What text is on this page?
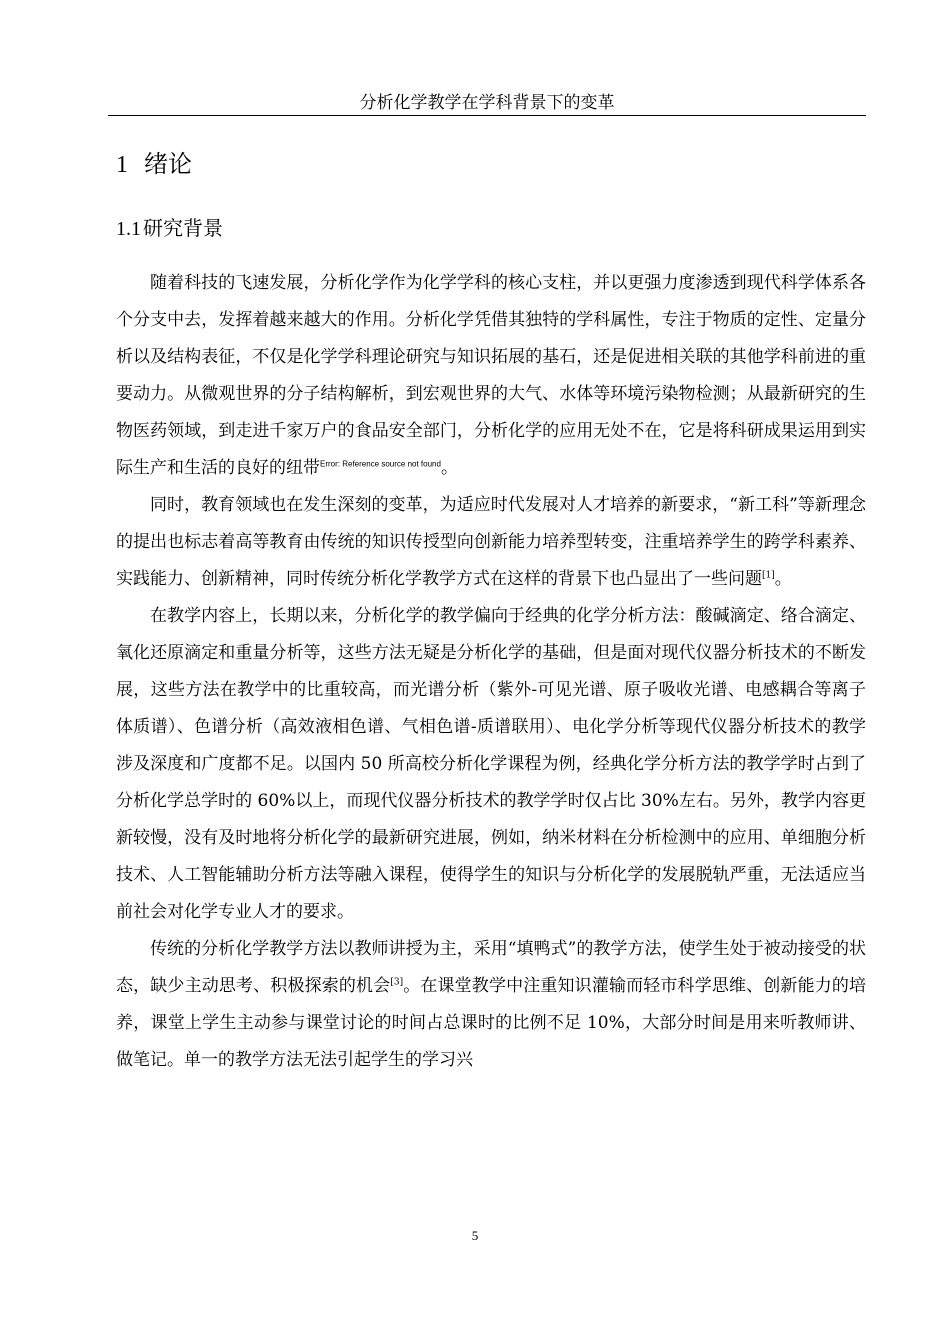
分析化学教学在学科背景下的变革
1 绪论
1.1 研究背景

随着科技的飞速发展，分析化学作为化学学科的核心支柱，并以更强力度渗透到现代科学体系各个分支中去，发挥着越来越大的作用。分析化学凭借其独特的学科属性，专注于物质的定性、定量分析以及结构表征，不仅是化学学科理论研究与知识拓展的基石，还是促进相关联的其他学科前进的重要动力。从微观世界的分子结构解析，到宏观世界的大气、水体等环境污染物检测；从最新研究的生物医药领域，到走进千家万户的食品安全部门，分析化学的应用无处不在，它是将科研成果运用到实际生产和生活的良好的纽带$^{Error: Reference source not found}$。

同时，教育领域也在发生深刻的变革，为适应时代发展对人才培养的新要求，“新工科”等新理念的提出也标志着高等教育由传统的知识传授型向创新能力培养型转变，注重培养学生的跨学科素养、实践能力、创新精神，同时传统分析化学教学方式在这样的背景下也凸显出了一些问题[1]。

在教学内容上，长期以来，分析化学的教学偏向于经典的化学分析方法：酸碱滴定、络合滴定、氧化还原滴定和重量分析等，这些方法无疑是分析化学的基础，但是面对现代仪器分析技术的不断发展，这些方法在教学中的比重较高，而光谱分析（紫外-可见光谱、原子吸收光谱、电感耦合等离子体质谱）、色谱分析（高效液相色谱、气相色谱-质谱联用）、电化学分析等现代仪器分析技术的教学涉及深度和广度都不足。以国内 50 所高校分析化学课程为例，经典化学分析方法的教学学时占到了分析化学总学时的 60%以上，而现代仪器分析技术的教学学时仅占比 30%左右。另外，教学内容更新较慢，没有及时地将分析化学的最新研究进展，例如，纳米材料在分析检测中的应用、单细胞分析技术、人工智能辅助分析方法等融入课程，使得学生的知识与分析化学的发展脱轨严重，无法适应当前社会对化学专业人才的要求。

传统的分析化学教学方法以教师讲授为主，采用“填鸭式”的教学方法，使学生处于被动接受的状态，缺少主动思考、积极探索的机会[3]。在课堂教学中注重知识灌输而轻市科学思维、创新能力的培养，课堂上学生主动参与课堂讨论的时间占总课时的比例不足 10%，大部分时间是用来听教师讲、做笔记。单一的教学方法无法引起学生的学习兴

5
